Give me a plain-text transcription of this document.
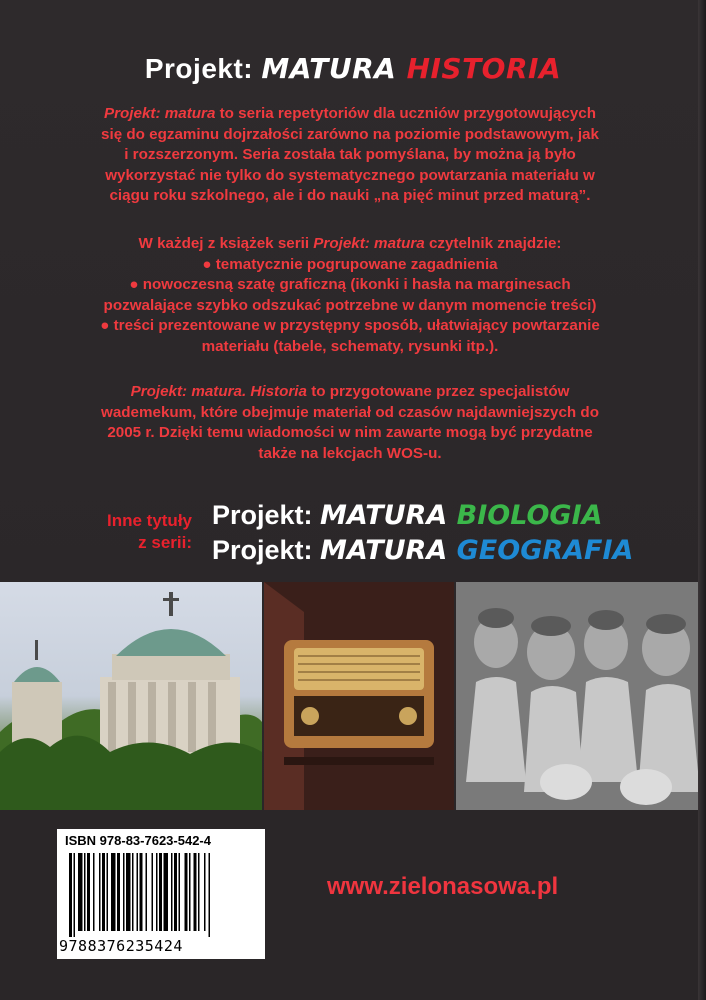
Projekt: MATURA HISTORIA
Projekt: matura to seria repetytoriów dla uczniów przygotowujących się do egzaminu dojrzałości zarówno na poziomie podstawowym, jak i rozszerzonym. Seria została tak pomyślana, by można ją było wykorzystać nie tylko do systematycznego powtarzania materiału w ciągu roku szkolnego, ale i do nauki „na pięć minut przed maturą”.
W każdej z książek serii Projekt: matura czytelnik znajdzie:
● tematycznie pogrupowane zagadnienia
● nowoczesną szatę graficzną (ikonki i hasła na marginesach pozwalające szybko odszukać potrzebne w danym momencie treści)
● treści prezentowane w przystępny sposób, ułatwiający powtarzanie materiału (tabele, schematy, rysunki itp.).
Projekt: matura. Historia to przygotowane przez specjalistów wademekum, które obejmuje materiał od czasów najdawniejszych do 2005 r. Dzięki temu wiadomości w nim zawarte mogą być przydatne także na lekcjach WOS-u.
Inne tytuły
z serii:
Projekt: MATURA BIOLOGIA
Projekt: MATURA GEOGRAFIA
ISBN 978-83-7623-542-4
9788376235424
www.zielonasowa.pl
